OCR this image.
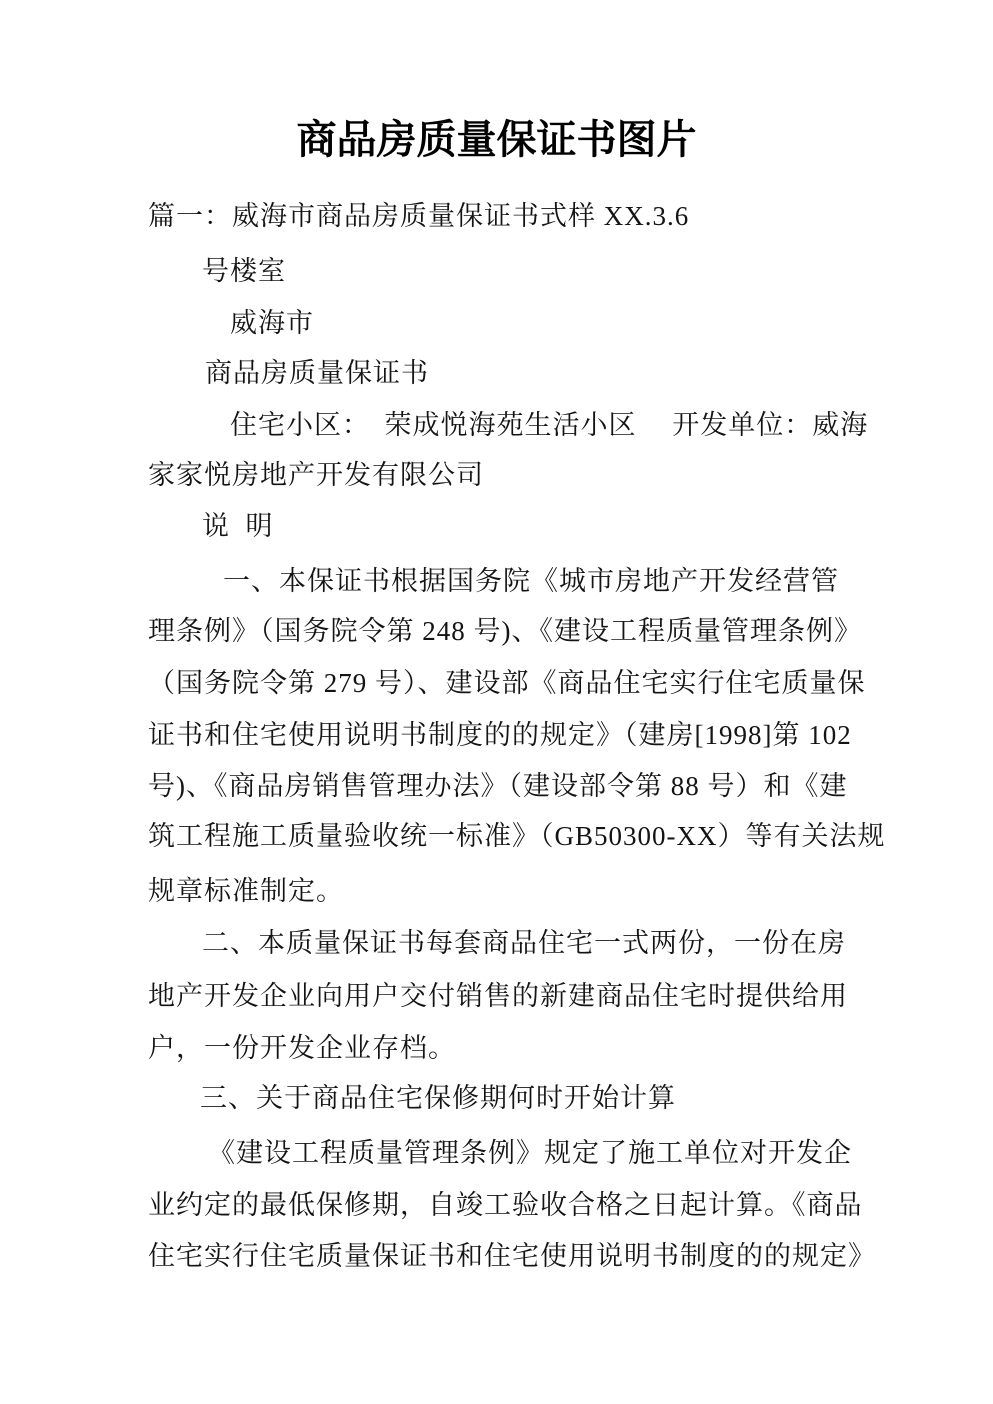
商品房质量保证书图片
篇一：威海市商品房质量保证书式样 XX.3.6
号楼室
威海市
商品房质量保证书
住宅小区：　荣成悦海苑生活小区　 开发单位：威海
家家悦房地产开发有限公司
说  明
一、本保证书根据国务院《城市房地产开发经营管
理条例》（国务院令第 248 号)、《建设工程质量管理条例》
（国务院令第 279 号）、建设部《商品住宅实行住宅质量保
证书和住宅使用说明书制度的的规定》（建房[1998]第 102
号)、《商品房销售管理办法》（建设部令第 88 号）和《建
筑工程施工质量验收统一标准》（GB50300-XX）等有关法规
规章标准制定。
二、本质量保证书每套商品住宅一式两份，一份在房
地产开发企业向用户交付销售的新建商品住宅时提供给用
户，一份开发企业存档。
三、关于商品住宅保修期何时开始计算
《建设工程质量管理条例》规定了施工单位对开发企
业约定的最低保修期，自竣工验收合格之日起计算。《商品
住宅实行住宅质量保证书和住宅使用说明书制度的的规定》
